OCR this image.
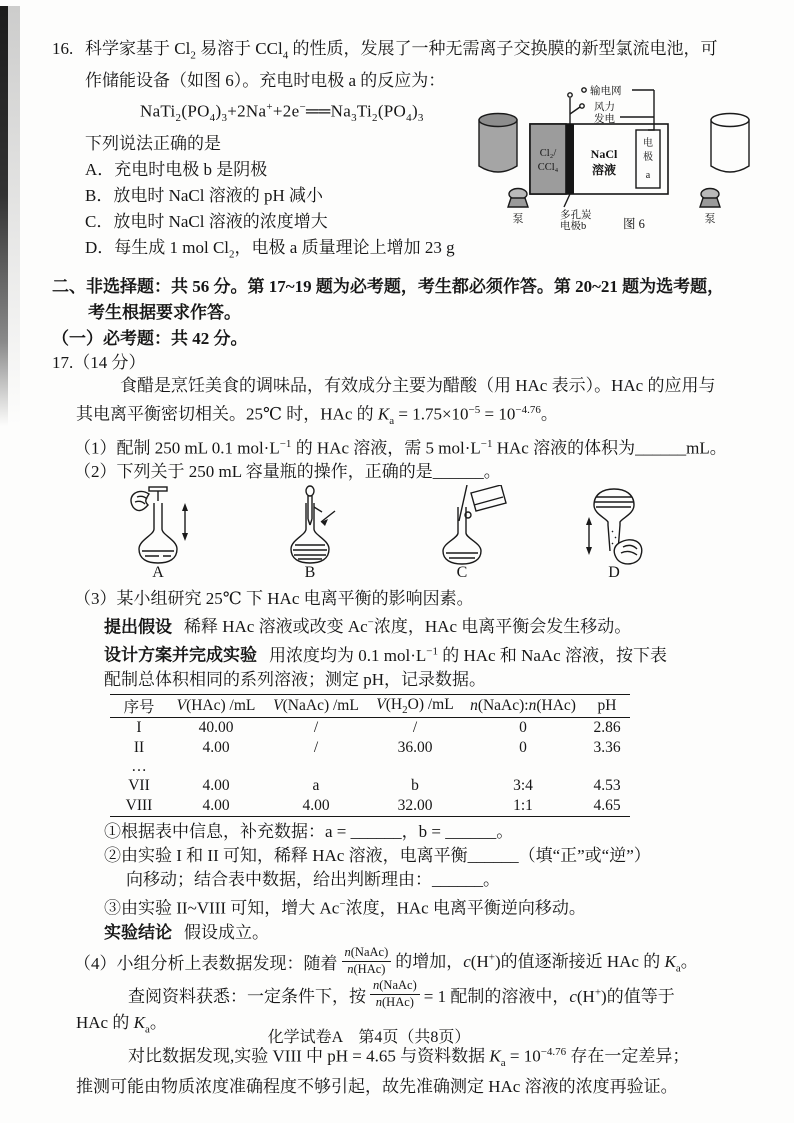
16. 科学家基于 $Cl_2$ 易溶于 CCl$_4$ 的性质，发展了一种无需离子交换膜的新型氯流电池，可
作储能设备（如图 6）。充电时电极 a 的反应为：
$NaTi_2(PO_4)_3+2Na^++2e^-══Na_3Ti_2(PO_4)_3$
下列说法正确的是
A．充电时电极 b 是阴极
B．放电时 NaCl 溶液的 pH 减小
C．放电时 NaCl 溶液的浓度增大
D．每生成 1 mol $Cl_2$，电极 a 质量理论上增加 23 g
输电网
风力
发电
Cl₂/
CCl₄
NaCl
溶液
电
极
a
多孔炭
电极b
泵	泵
图 6
二、非选择题：共 56 分。第 17~19 题为必考题，考生都必须作答。第 20~21 题为选考题，
考生根据要求作答。
（一）必考题：共 42 分。
17.（14 分）
食醋是烹饪美食的调味品，有效成分主要为醋酸（用 HAc 表示）。HAc 的应用与
其电离平衡密切相关。25℃ 时，HAc 的 $K_a = 1.75\times 10^{-5} = 10^{-4.76}$。
（1）配制 250 mL 0.1 $mol\cdot L^{-1}$ 的 HAc 溶液，需 5 $mol\cdot L^{-1}$ HAc 溶液的体积为______mL。
（2）下列关于 250 mL 容量瓶的操作，正确的是______。
A	B	C	D
（3）某小组研究 25℃ 下 HAc 电离平衡的影响因素。
提出假设 稀释 HAc 溶液或改变 Ac−浓度，HAc 电离平衡会发生移动。
设计方案并完成实验 用浓度均为 0.1 $mol\cdot L^{-1}$ 的 HAc 和 NaAc 溶液，按下表
配制总体积相同的系列溶液；测定 pH，记录数据。
序号	V(HAc) /mL	V(NaAc) /mL	$V(H_2O)$ /mL	n(NaAc):n(HAc)	pH
I	40.00	/	/	0	2.86
II	4.00	/	36.00	0	3.36
…					
VII	4.00	a	b	3:4	4.53
VIII	4.00	4.00	32.00	1:1	4.65
①根据表中信息，补充数据：a = ______，b = ______。
②由实验 I 和 II 可知，稀释 HAc 溶液，电离平衡______（填“正”或“逆”）
向移动；结合表中数据，给出判断理由：______。
③由实验 II~VIII 可知，增大 Ac−浓度，HAc 电离平衡逆向移动。
实验结论 假设成立。
（4）小组分析上表数据发现：随着 $\frac{\text{n(NaAc)}}{\text{n(HAc)}}$ 的增加，c(H+)的值逐渐接近 HAc 的 $K_a$。
查阅资料获悉：一定条件下，按 $\frac{\text{n(NaAc)}}{\text{n(HAc)}} = 1$ 配制的溶液中，c(H+)的值等于
HAc 的 $K_a$。
对比数据发现,实验 VIII 中 pH = 4.65 与资料数据 $K_a = 10^{-4.76}$ 存在一定差异；
推测可能由物质浓度准确程度不够引起，故先准确测定 HAc 溶液的浓度再验证。
化学试卷A　第4页（共8页）
